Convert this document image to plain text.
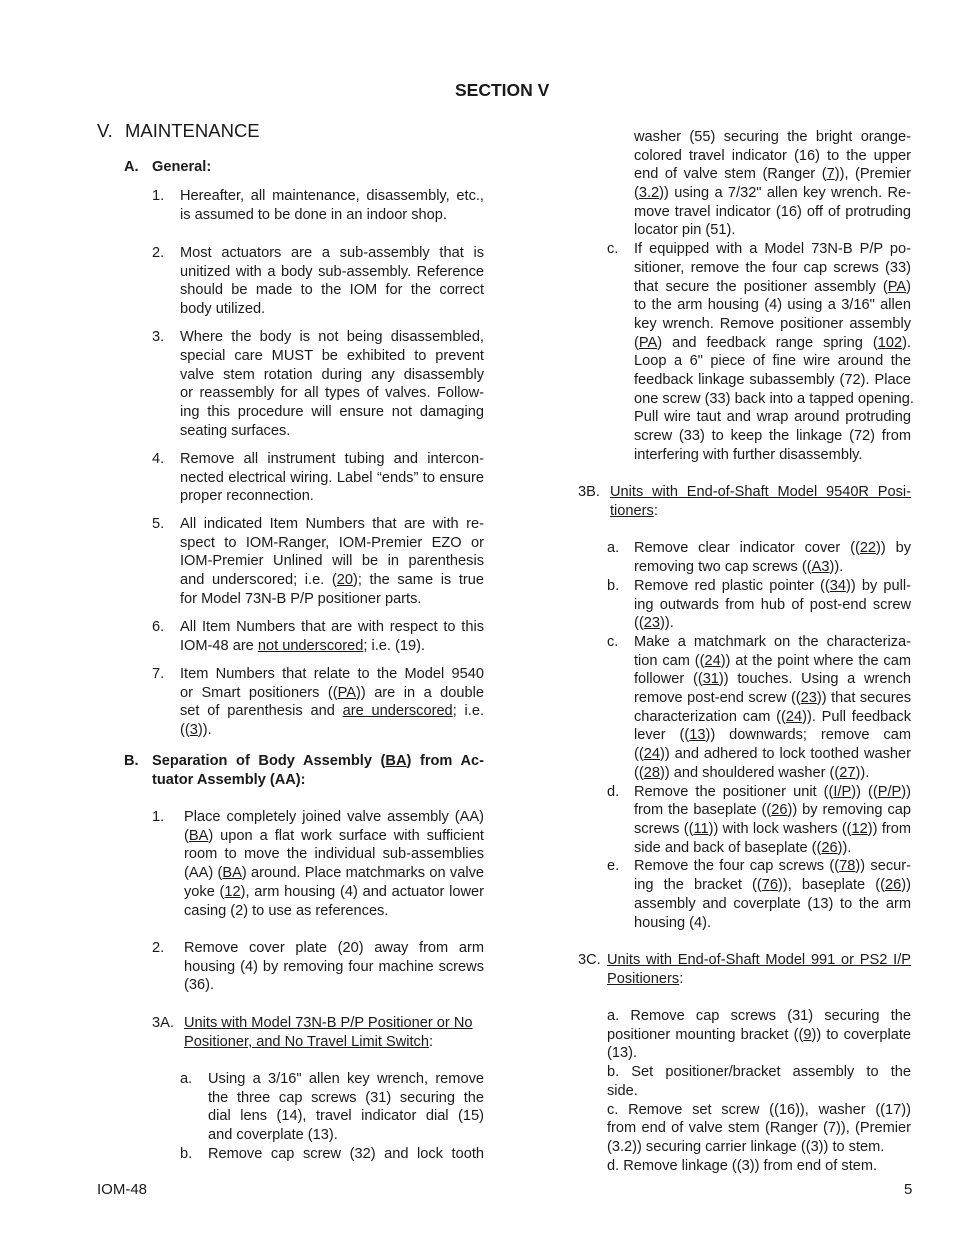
SECTION V
V. MAINTENANCE
A. General:
1. Hereafter, all maintenance, disassembly, etc.,
is assumed to be done in an indoor shop.
2. Most actuators are a sub-assembly that is
unitized with a body sub-assembly. Reference
should be made to the IOM for the correct
body utilized.
3. Where the body is not being disassembled,
special care MUST be exhibited to prevent
valve stem rotation during any disassembly
or reassembly for all types of valves. Follow-
ing this procedure will ensure not damaging
seating surfaces.
4. Remove all instrument tubing and intercon-
nected electrical wiring. Label “ends” to ensure
proper reconnection.
5. All indicated Item Numbers that are with re-
spect to IOM-Ranger, IOM-Premier EZO or
IOM-Premier Unlined will be in parenthesis
and underscored; i.e. (20); the same is true
for Model 73N-B P/P positioner parts.
6. All Item Numbers that are with respect to this
IOM-48 are not underscored; i.e. (19).
7. Item Numbers that relate to the Model 9540
or Smart positioners ((PA)) are in a double
set of parenthesis and are underscored; i.e.
((3)).
B. Separation of Body Assembly (BA) from Ac-
tuator Assembly (AA):
1. Place completely joined valve assembly (AA)
(BA) upon a flat work surface with sufficient
room to move the individual sub-assemblies
(AA) (BA) around. Place matchmarks on valve
yoke (12), arm housing (4) and actuator lower
casing (2) to use as references.
2. Remove cover plate (20) away from arm
housing (4) by removing four machine screws
(36).
3A. Units with Model 73N-B P/P Positioner or No
Positioner, and No Travel Limit Switch:
a. Using a 3/16" allen key wrench, remove
the three cap screws (31) securing the
dial lens (14), travel indicator dial (15)
and coverplate (13).
b. Remove cap screw (32) and lock tooth
washer (55) securing the bright orange-
colored travel indicator (16) to the upper
end of valve stem (Ranger (7)), (Premier
(3.2)) using a 7/32" allen key wrench. Re-
move travel indicator (16) off of protruding
locator pin (51).
c. If equipped with a Model 73N-B P/P po-
sitioner, remove the four cap screws (33)
that secure the positioner assembly (PA)
to the arm housing (4) using a 3/16" allen
key wrench. Remove positioner assembly
(PA) and feedback range spring (102).
Loop a 6" piece of fine wire around the
feedback linkage subassembly (72). Place
one screw (33) back into a tapped opening.
Pull wire taut and wrap around protruding
screw (33) to keep the linkage (72) from
interfering with further disassembly.
3B. Units with End-of-Shaft Model 9540R Posi-
tioners:
a. Remove clear indicator cover ((22)) by
removing two cap screws ((A3)).
b. Remove red plastic pointer ((34)) by pull-
ing outwards from hub of post-end screw
((23)).
c. Make a matchmark on the characteriza-
tion cam ((24)) at the point where the cam
follower ((31)) touches. Using a wrench
remove post-end screw ((23)) that secures
characterization cam ((24)). Pull feedback
lever ((13)) downwards; remove cam
((24)) and adhered to lock toothed washer
((28)) and shouldered washer ((27)).
d. Remove the positioner unit ((I/P)) ((P/P))
from the baseplate ((26)) by removing cap
screws ((11)) with lock washers ((12)) from
side and back of baseplate ((26)).
e. Remove the four cap screws ((78)) secur-
ing the bracket ((76)), baseplate ((26))
assembly and coverplate (13) to the arm
housing (4).
3C. Units with End-of-Shaft Model 991 or PS2 I/P
Positioners:
a. Remove cap screws (31) securing the
positioner mounting bracket ((9)) to coverplate
(13).
b. Set positioner/bracket assembly to the
side.
c. Remove set screw ((16)), washer ((17))
from end of valve stem (Ranger (7)), (Premier
(3.2)) securing carrier linkage ((3)) to stem.
d. Remove linkage ((3)) from end of stem.
IOM-48	5
